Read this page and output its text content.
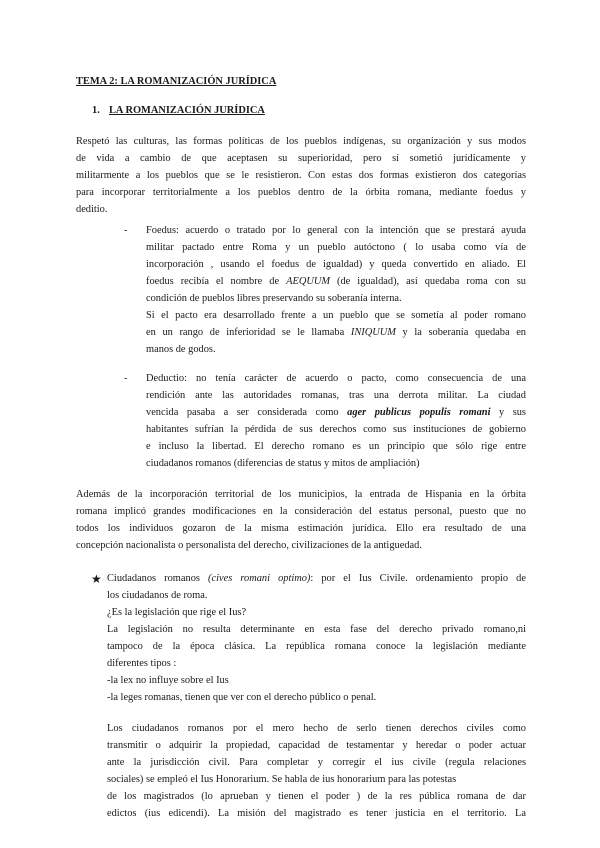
TEMA 2: LA ROMANIZACIÓN JURÍDICA
1. LA ROMANIZACIÓN JURÍDICA
Respetó las culturas, las formas políticas de los pueblos indígenas, su organización y sus modos
de vida a cambio de que aceptasen su superioridad, pero sí sometió jurídicamente y
militarmente a los pueblos que se le resistieron. Con estas dos formas existieron dos categorías
para incorporar territorialmente a los pueblos dentro de la órbita romana, mediante foedus y
deditio.
- Foedus: acuerdo o tratado por lo general con la intención que se prestará ayuda
militar pactado entre Roma y un pueblo autóctono ( lo usaba como vía de
incorporación , usando el foedus de igualdad) y queda convertido en aliado. El
foedus recibía el nombre de AEQUUM (de igualdad), así quedaba roma con su
condición de pueblos libres preservando su soberanía interna.
Si el pacto era desarrollado frente a un pueblo que se sometía al poder romano
en un rango de inferioridad se le llamaba INIQUUM y la soberanía quedaba en
manos de godos.
- Deductio: no tenía carácter de acuerdo o pacto, como consecuencia de una
rendición ante las autoridades romanas, tras una derrota militar. La ciudad
vencida pasaba a ser considerada como ager publicus populis romani y sus
habitantes sufrían la pérdida de sus derechos como sus instituciones de gobierno
e incluso la libertad. El derecho romano es un principio que sólo rige entre
ciudadanos romanos (diferencias de status y mitos de ampliación)
Además de la incorporación territorial de los municipios, la entrada de Hispania en la órbita
romana implicó grandes modificaciones en la consideración del estatus personal, puesto que no
todos los individuos gozaron de la misma estimación jurídica. Ello era resultado de una
concepción nacionalista o personalista del derecho, civilizaciones de la antiguedad.
★ Ciudadanos romanos (cives romani optimo): por el Ius Civile. ordenamiento propio de
los ciudadanos de roma.
¿Es la legislación que rige el Ius?
La legislación no resulta determinante en esta fase del derecho privado romano,ni
tampoco de la época clásica. La república romana conoce la legislación mediante
diferentes tipos :
-la lex no influye sobre el Ius
-la leges romanas, tienen que ver con el derecho público o penal.
Los ciudadanos romanos por el mero hecho de serlo tienen derechos civiles como
transmitir o adquirir la propiedad, capacidad de testamentar y heredar o poder actuar
ante la jurisdicción civil. Para completar y corregir el ius civile (regula relaciones
sociales) se empleó el Ius Honorarium. Se habla de ius honorarium para las potestas
de los magistrados (lo aprueban y tienen el poder ) de la res pública romana de dar
edictos (ius edicendi). La misión del magistrado es tener justicia en el territorio. La
